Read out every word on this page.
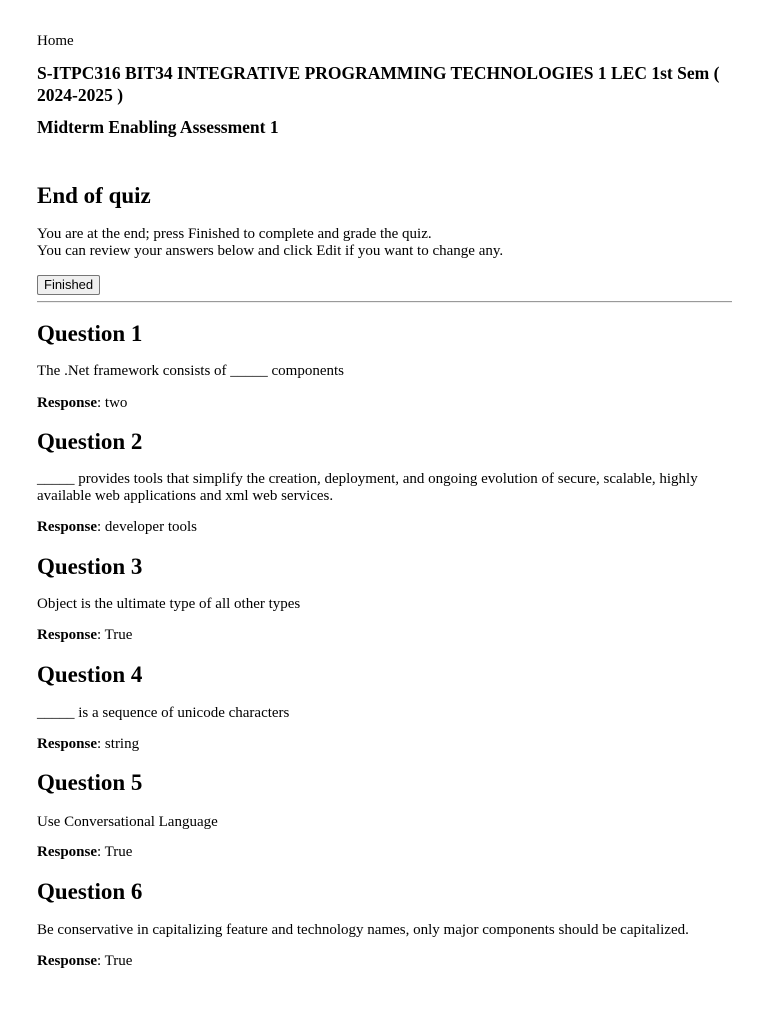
Home
S-ITPC316 BIT34 INTEGRATIVE PROGRAMMING TECHNOLOGIES 1 LEC 1st Sem ( 2024-2025 )
Midterm Enabling Assessment 1
End of quiz
You are at the end; press Finished to complete and grade the quiz.
You can review your answers below and click Edit if you want to change any.
Finished
Question 1

The .Net framework consists of _____ components

Response: two

Question 2

_____ provides tools that simplify the creation, deployment, and ongoing evolution of secure, scalable, highly available web applications and xml web services.

Response: developer tools

Question 3

Object is the ultimate type of all other types

Response: True

Question 4

_____ is a sequence of unicode characters

Response: string

Question 5

Use Conversational Language

Response: True

Question 6

Be conservative in capitalizing feature and technology names, only major components should be capitalized.

Response: True
